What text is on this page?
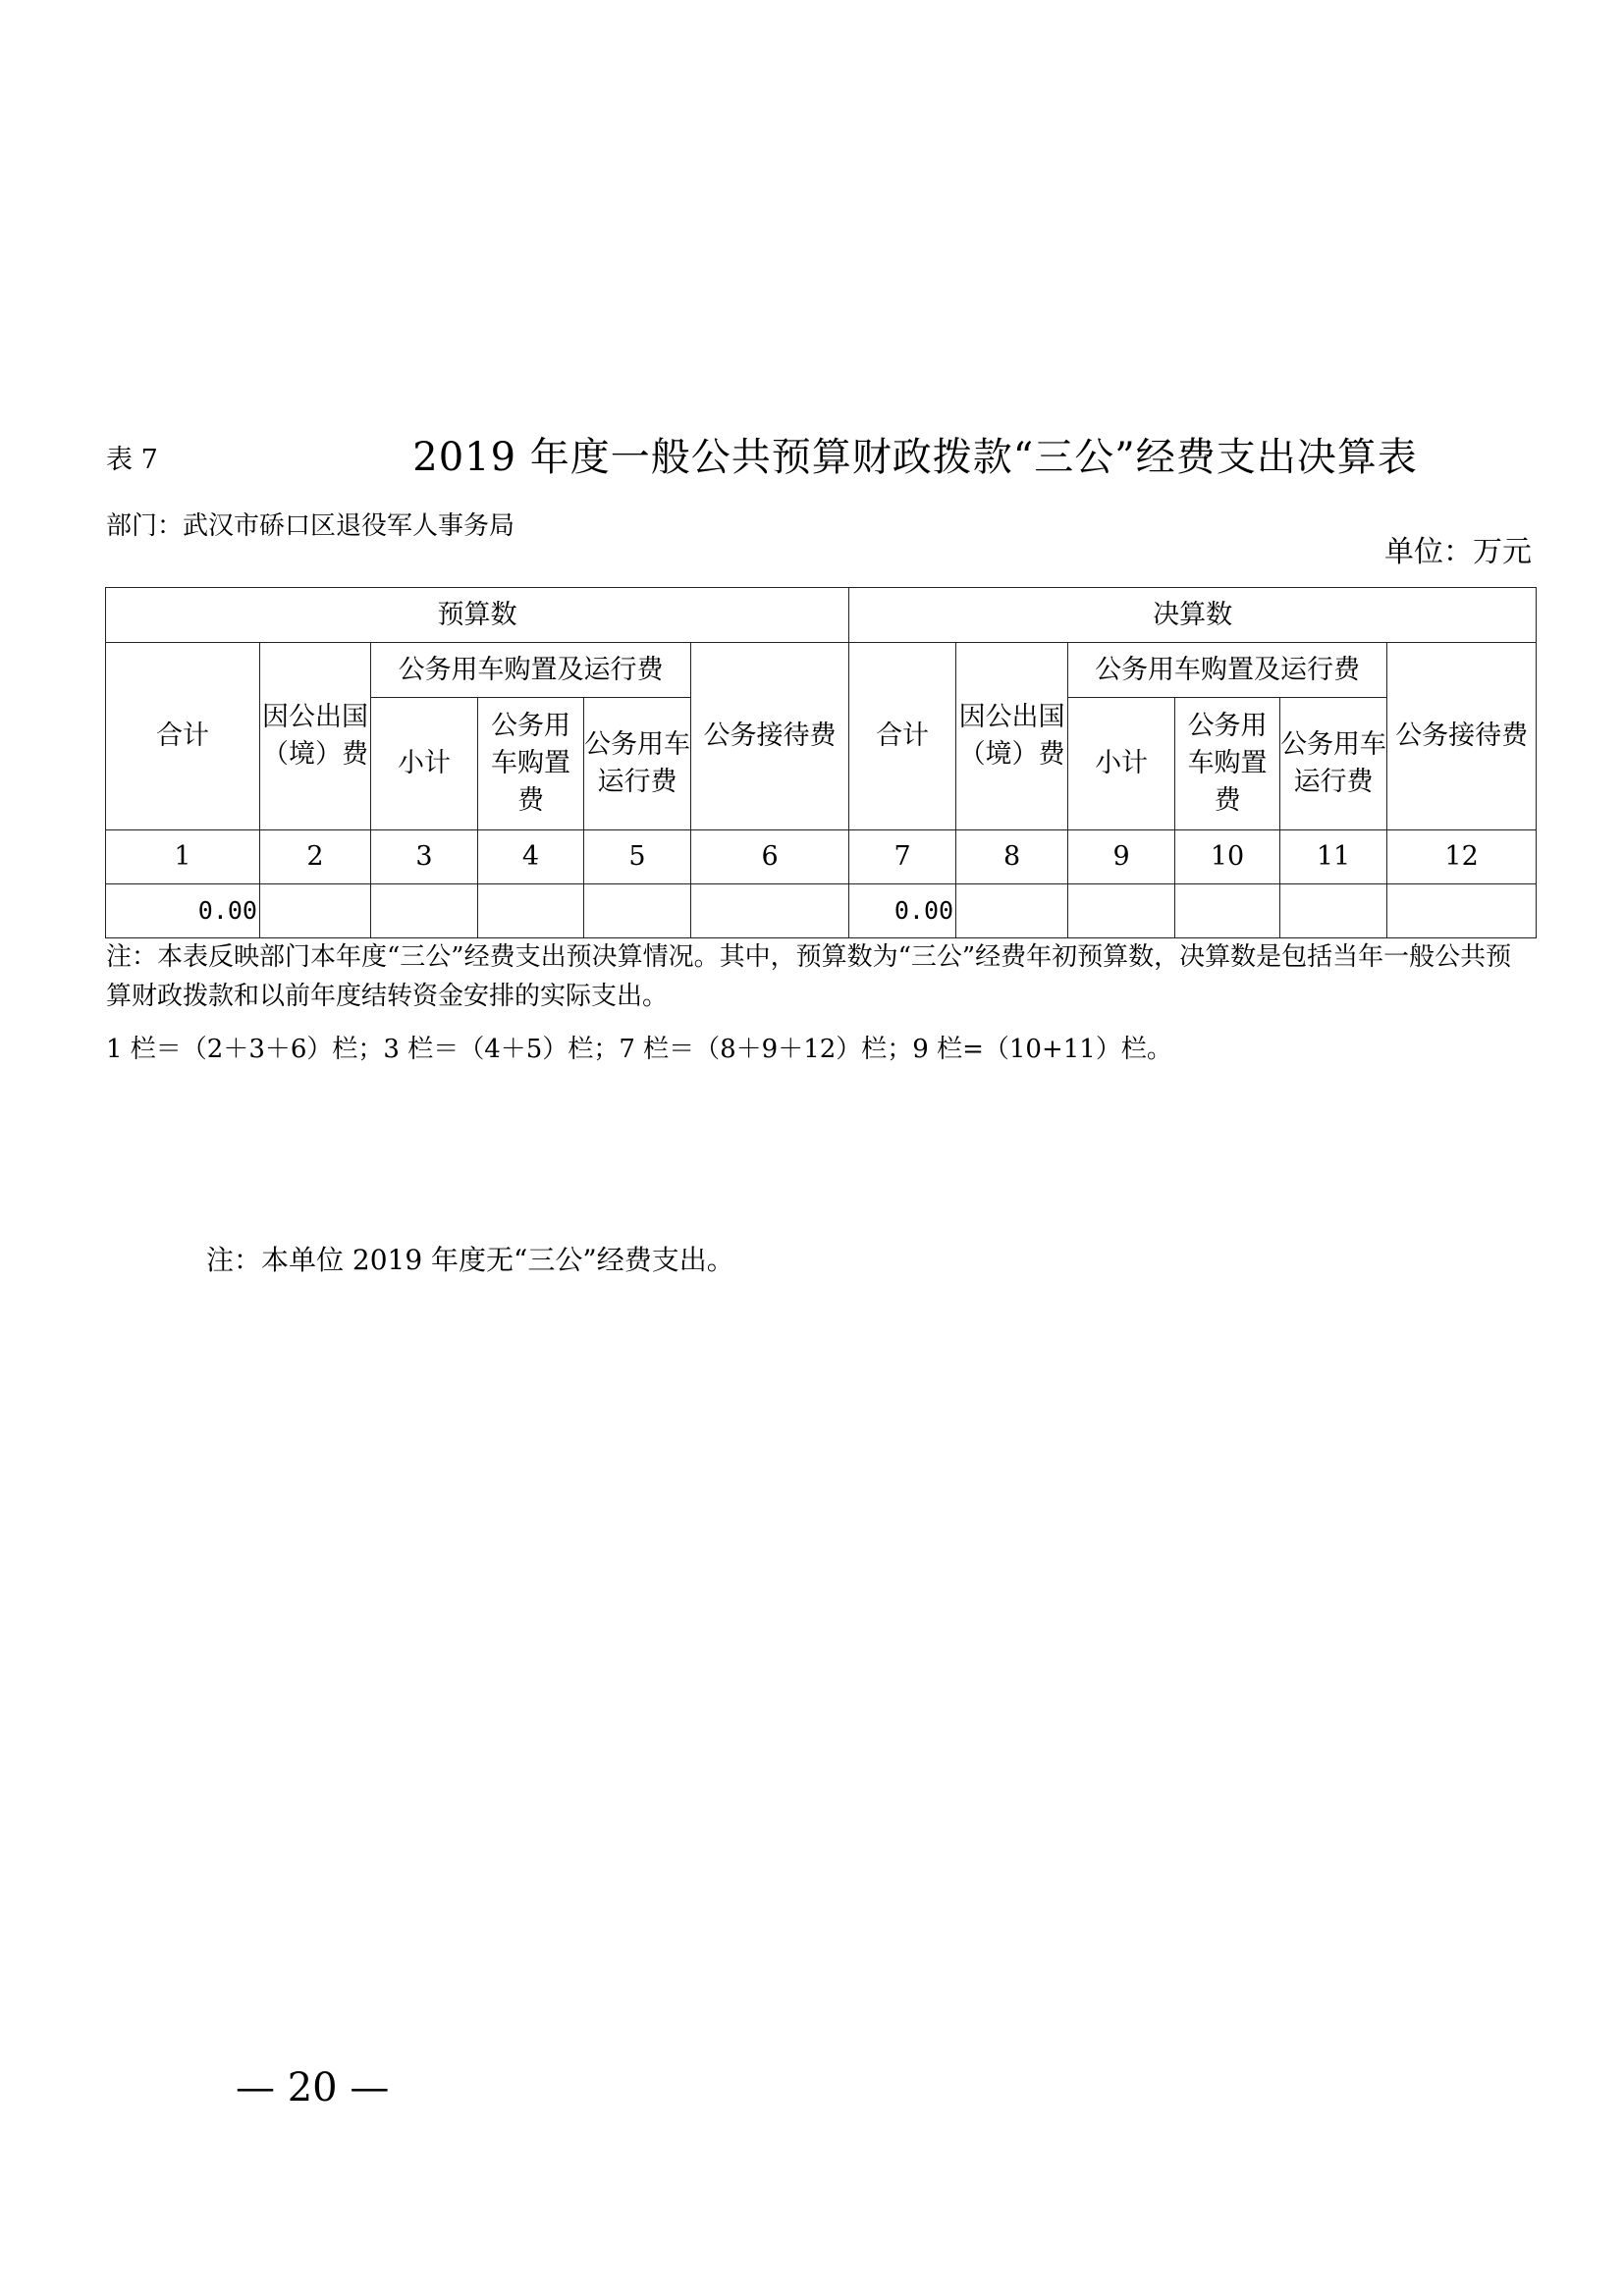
表 7	2019 年度一般公共预算财政拨款“三公”经费支出决算表
部门：武汉市硚口区退役军人事务局
单位：万元
预算数						决算数					
合计	因公出国（境）费	公务用车购置及运行费			公务接待费	合计	因公出国（境）费	公务用车购置及运行费			公务接待费
		小计	公务用车购置费	公务用车运行费				小计	公务用车购置费	公务用车运行费	
1	2	3	4	5	6	7	8	9	10	11	12
0.00						0.00					
注：本表反映部门本年度“三公”经费支出预决算情况。其中，预算数为“三公”经费年初预算数，决算数是包括当年一般公共预算财政拨款和以前年度结转资金安排的实际支出。
1 栏＝（2＋3＋6）栏；3 栏＝（4＋5）栏；7 栏＝（8＋9＋12）栏；9 栏=（10+11）栏。
注：本单位 2019 年度无“三公”经费支出。
— 20 —
